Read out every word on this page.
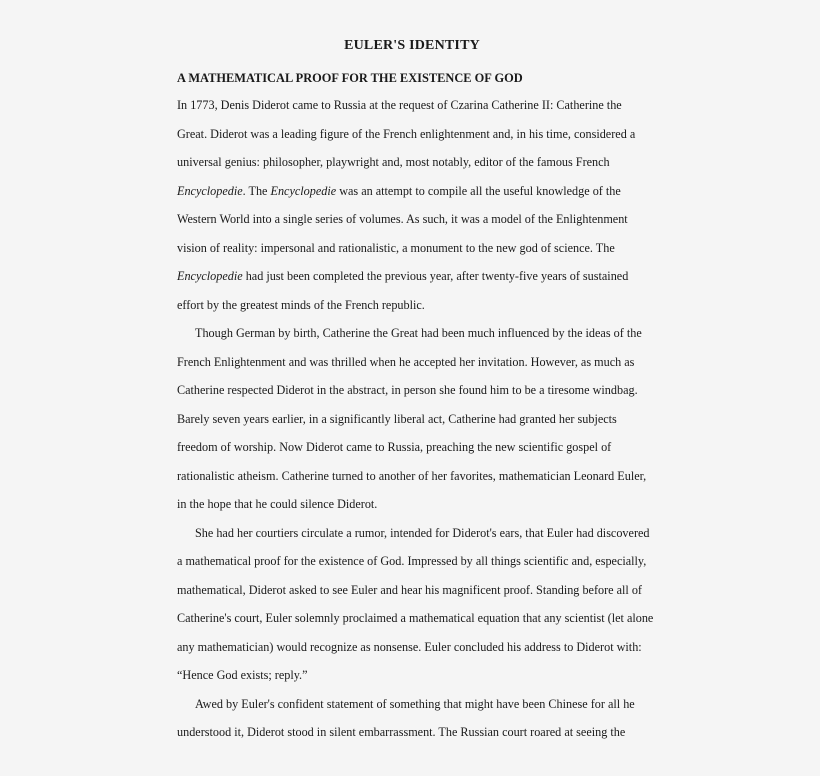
EULER'S IDENTITY
A MATHEMATICAL PROOF FOR THE EXISTENCE OF GOD
In 1773, Denis Diderot came to Russia at the request of Czarina Catherine II: Catherine the
Great. Diderot was a leading figure of the French enlightenment and, in his time, considered a
universal genius: philosopher, playwright and, most notably, editor of the famous French
Encyclopedie. The Encyclopedie was an attempt to compile all the useful knowledge of the
Western World into a single series of volumes. As such, it was a model of the Enlightenment
vision of reality: impersonal and rationalistic, a monument to the new god of science. The
Encyclopedie had just been completed the previous year, after twenty-five years of sustained
effort by the greatest minds of the French republic.
Though German by birth, Catherine the Great had been much influenced by the ideas of the
French Enlightenment and was thrilled when he accepted her invitation. However, as much as
Catherine respected Diderot in the abstract, in person she found him to be a tiresome windbag.
Barely seven years earlier, in a significantly liberal act, Catherine had granted her subjects
freedom of worship. Now Diderot came to Russia, preaching the new scientific gospel of
rationalistic atheism. Catherine turned to another of her favorites, mathematician Leonard Euler,
in the hope that he could silence Diderot.
She had her courtiers circulate a rumor, intended for Diderot's ears, that Euler had discovered
a mathematical proof for the existence of God. Impressed by all things scientific and, especially,
mathematical, Diderot asked to see Euler and hear his magnificent proof. Standing before all of
Catherine's court, Euler solemnly proclaimed a mathematical equation that any scientist (let alone
any mathematician) would recognize as nonsense. Euler concluded his address to Diderot with:
“Hence God exists; reply.”
Awed by Euler's confident statement of something that might have been Chinese for all he
understood it, Diderot stood in silent embarrassment. The Russian court roared at seeing the
